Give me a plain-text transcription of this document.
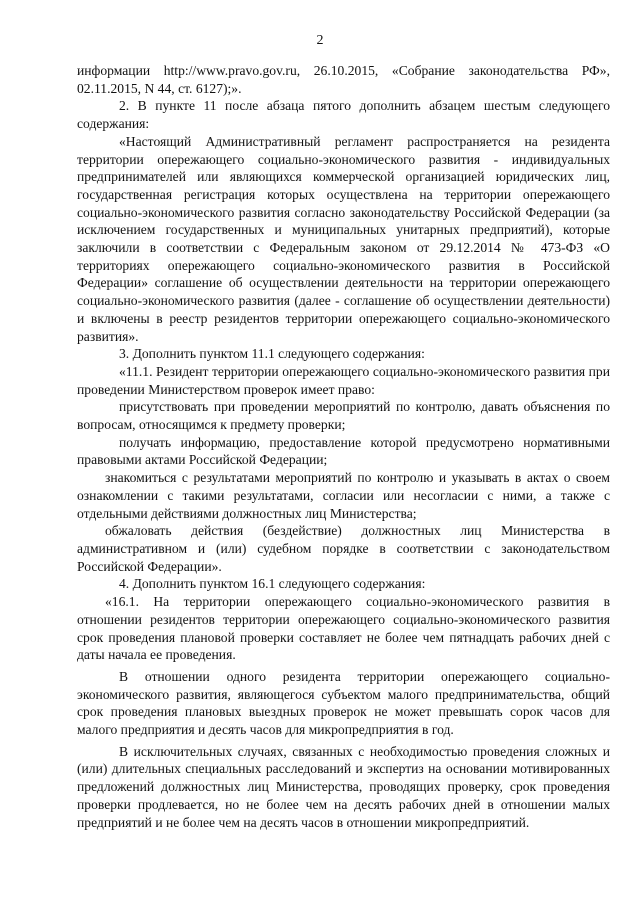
2

информации http://www.pravo.gov.ru, 26.10.2015, «Собрание законодательства РФ», 02.11.2015, N 44, ст. 6127);».

2. В пункте 11 после абзаца пятого дополнить абзацем шестым следующего содержания:

«Настоящий Административный регламент распространяется на резидента территории опережающего социально-экономического развития - индивидуальных предпринимателей или являющихся коммерческой организацией юридических лиц, государственная регистрация которых осуществлена на территории опережающего социально-экономического развития согласно законодательству Российской Федерации (за исключением государственных и муниципальных унитарных предприятий), которые заключили в соответствии с Федеральным законом от 29.12.2014 № 473-ФЗ «О территориях опережающего социально-экономического развития в Российской Федерации» соглашение об осуществлении деятельности на территории опережающего социально-экономического развития (далее - соглашение об осуществлении деятельности) и включены в реестр резидентов территории опережающего социально-экономического развития».

3. Дополнить пунктом 11.1 следующего содержания:

«11.1. Резидент территории опережающего социально-экономического развития при проведении Министерством проверок имеет право:

присутствовать при проведении мероприятий по контролю, давать объяснения по вопросам, относящимся к предмету проверки;

получать информацию, предоставление которой предусмотрено нормативными правовыми актами Российской Федерации;

знакомиться с результатами мероприятий по контролю и указывать в актах о своем ознакомлении с такими результатами, согласии или несогласии с ними, а также с отдельными действиями должностных лиц Министерства;

обжаловать действия (бездействие) должностных лиц Министерства в административном и (или) судебном порядке в соответствии с законодательством Российской Федерации».

4. Дополнить пунктом 16.1 следующего содержания:

«16.1. На территории опережающего социально-экономического развития в отношении резидентов территории опережающего социально-экономического развития срок проведения плановой проверки составляет не более чем пятнадцать рабочих дней с даты начала ее проведения.

В отношении одного резидента территории опережающего социально-экономического развития, являющегося субъектом малого предпринимательства, общий срок проведения плановых выездных проверок не может превышать сорок часов для малого предприятия и десять часов для микропредприятия в год.

В исключительных случаях, связанных с необходимостью проведения сложных и (или) длительных специальных расследований и экспертиз на основании мотивированных предложений должностных лиц Министерства, проводящих проверку, срок проведения проверки продлевается, но не более чем на десять рабочих дней в отношении малых предприятий и не более чем на десять часов в отношении микропредприятий.
